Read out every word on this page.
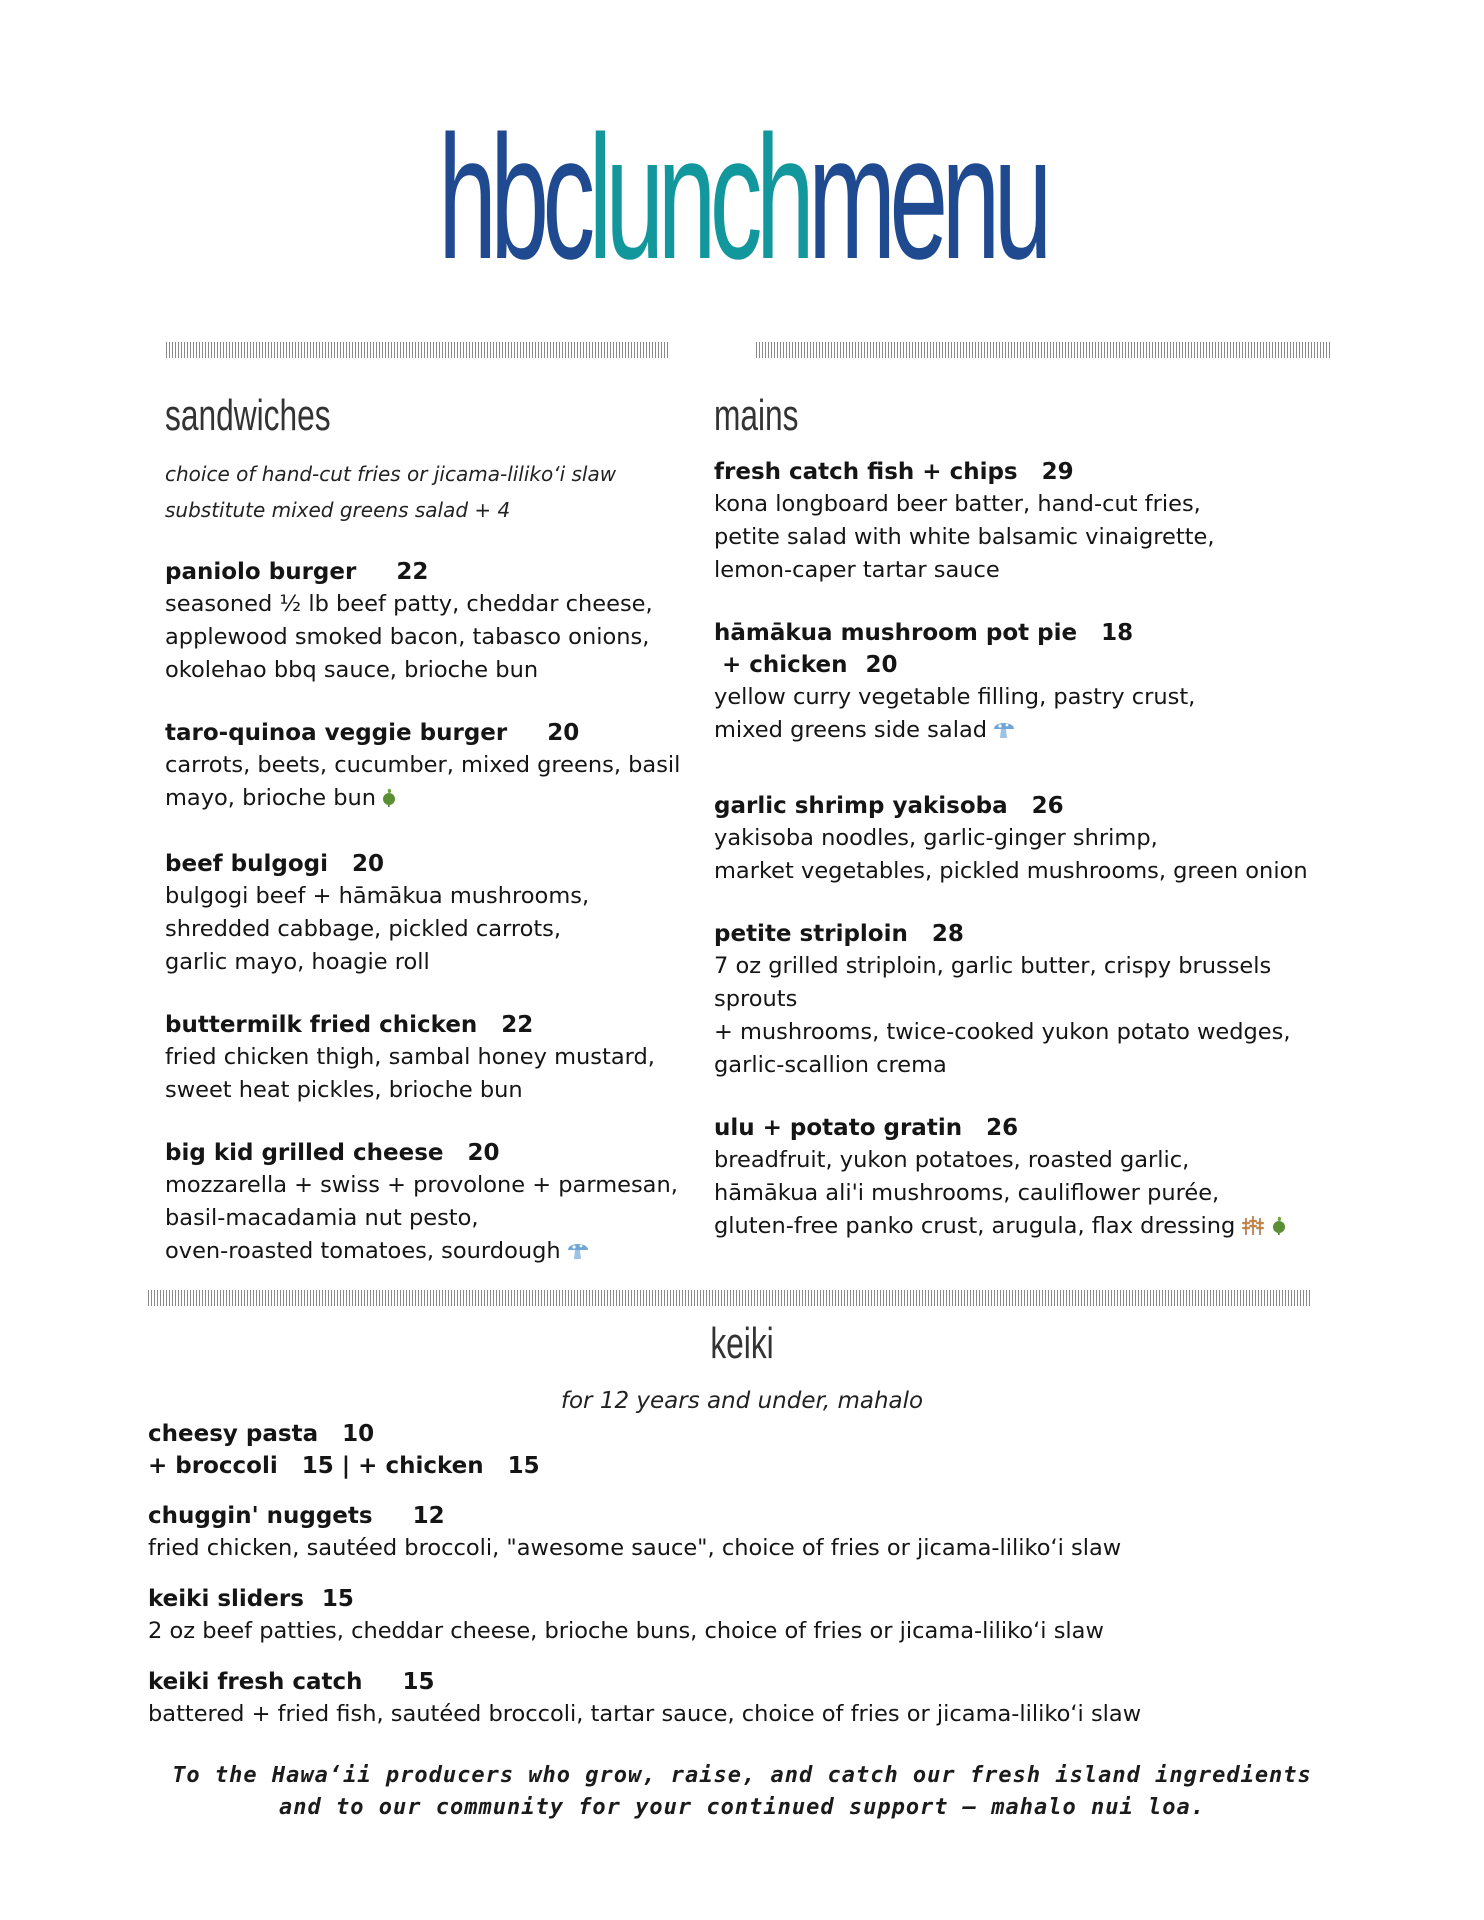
hbclunchmenu
sandwiches
choice of hand-cut fries or jicama-liliko‘i slaw
substitute mixed greens salad + 4
paniolo burger 22
seasoned ½ lb beef patty, cheddar cheese,
applewood smoked bacon, tabasco onions,
okolehao bbq sauce, brioche bun
taro-quinoa veggie burger 20
carrots, beets, cucumber, mixed greens, basil
mayo, brioche bun
beef bulgogi 20
bulgogi beef + hāmākua mushrooms,
shredded cabbage, pickled carrots,
garlic mayo, hoagie roll
buttermilk fried chicken 22
fried chicken thigh, sambal honey mustard,
sweet heat pickles, brioche bun
big kid grilled cheese 20
mozzarella + swiss + provolone + parmesan,
basil-macadamia nut pesto,
oven-roasted tomatoes, sourdough
mains
fresh catch fish + chips 29
kona longboard beer batter, hand-cut fries,
petite salad with white balsamic vinaigrette,
lemon-caper tartar sauce
hāmākua mushroom pot pie 18
+ chicken 20
yellow curry vegetable filling, pastry crust,
mixed greens side salad
garlic shrimp yakisoba 26
yakisoba noodles, garlic-ginger shrimp,
market vegetables, pickled mushrooms, green onion
petite striploin 28
7 oz grilled striploin, garlic butter, crispy brussels sprouts
+ mushrooms, twice-cooked yukon potato wedges,
garlic-scallion crema
ulu + potato gratin 26
breadfruit, yukon potatoes, roasted garlic,
hāmākua ali'i mushrooms, cauliflower purée,
gluten-free panko crust, arugula, flax dressing
keiki
for 12 years and under, mahalo
cheesy pasta 10
+ broccoli   15 | + chicken   15
chuggin' nuggets 12
fried chicken, sautéed broccoli, "awesome sauce", choice of fries or jicama-liliko‘i slaw
keiki sliders 15
2 oz beef patties, cheddar cheese, brioche buns, choice of fries or jicama-liliko‘i slaw
keiki fresh catch 15
battered + fried fish, sautéed broccoli, tartar sauce, choice of fries or jicama-liliko‘i slaw
To the Hawa‘ii producers who grow, raise, and catch our fresh island ingredients
and to our community for your continued support – mahalo nui loa.
